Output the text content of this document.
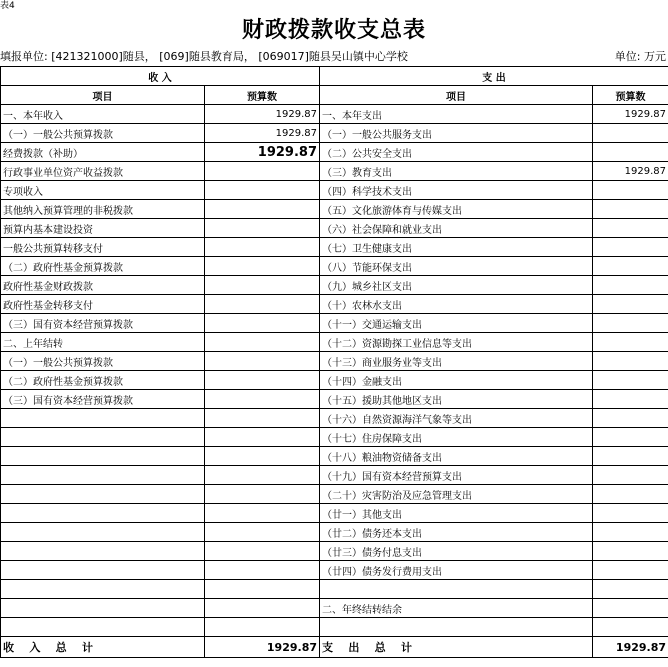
表4
财政拨款收支总表
填报单位: [421321000]随县， [069]随县教育局， [069017]随县吴山镇中心学校	单位: 万元
收 入		支 出	
项目	预算数	项目	预算数
一、本年收入	1929.87	一、本年支出	1929.87
（一）一般公共预算拨款	1929.87	（一）一般公共服务支出	
经费拨款（补助）	1929.87	（二）公共安全支出	
行政事业单位资产收益拨款		（三）教育支出	1929.87
专项收入		（四）科学技术支出	
其他纳入预算管理的非税拨款		（五）文化旅游体育与传媒支出	
预算内基本建设投资		（六）社会保障和就业支出	
一般公共预算转移支付		（七）卫生健康支出	
（二）政府性基金预算拨款		（八）节能环保支出	
政府性基金财政拨款		（九）城乡社区支出	
政府性基金转移支付		（十）农林水支出	
（三）国有资本经营预算拨款		（十一）交通运输支出	
二、上年结转		（十二）资源勘探工业信息等支出	
（一）一般公共预算拨款		（十三）商业服务业等支出	
（二）政府性基金预算拨款		（十四）金融支出	
（三）国有资本经营预算拨款		（十五）援助其他地区支出	
		（十六）自然资源海洋气象等支出	
		（十七）住房保障支出	
		（十八）粮油物资储备支出	
		（十九）国有资本经营预算支出	
		（二十）灾害防治及应急管理支出	
		（廿一）其他支出	
		（廿二）债务还本支出	
		（廿三）债务付息支出	
		（廿四）债务发行费用支出	

		二、年终结转结余	

收    入    总    计	1929.87	支    出    总    计	1929.87
